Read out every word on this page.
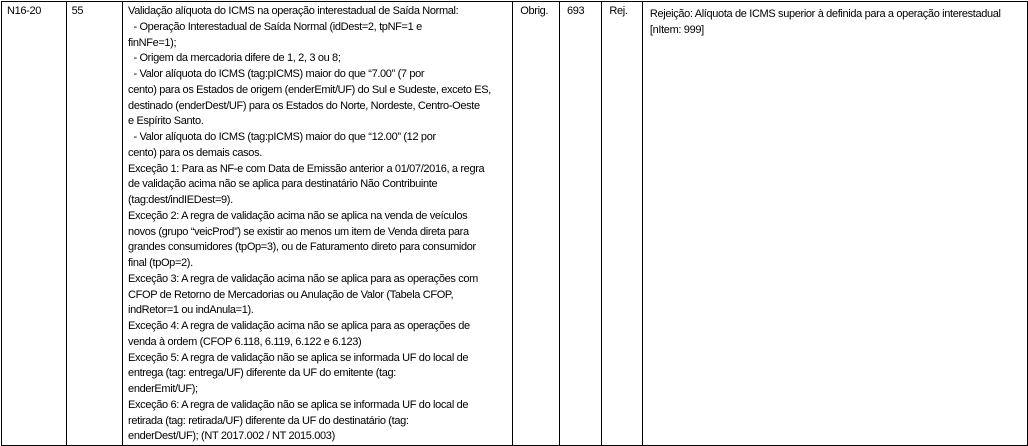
N16-20	55	Validação alíquota do ICMS na operação interestadual de Saída Normal:
- Operação Interestadual de Saída Normal (idDest=2, tpNF=1 e
finNFe=1);
- Origem da mercadoria difere de 1, 2, 3 ou 8;
- Valor alíquota do ICMS (tag:pICMS) maior do que “7.00” (7 por
cento) para os Estados de origem (enderEmit/UF) do Sul e Sudeste, exceto ES,
destinado (enderDest/UF) para os Estados do Norte, Nordeste, Centro-Oeste
e Espírito Santo.
- Valor alíquota do ICMS (tag:pICMS) maior do que “12.00” (12 por
cento) para os demais casos.
Exceção 1: Para as NF-e com Data de Emissão anterior a 01/07/2016, a regra
de validação acima não se aplica para destinatário Não Contribuinte
(tag:dest/indIEDest=9).
Exceção 2: A regra de validação acima não se aplica na venda de veículos
novos (grupo “veicProd”) se existir ao menos um item de Venda direta para
grandes consumidores (tpOp=3), ou de Faturamento direto para consumidor
final (tpOp=2).
Exceção 3: A regra de validação acima não se aplica para as operações com
CFOP de Retorno de Mercadorias ou Anulação de Valor (Tabela CFOP,
indRetor=1 ou indAnula=1).
Exceção 4: A regra de validação acima não se aplica para as operações de
venda à ordem (CFOP 6.118, 6.119, 6.122 e 6.123)
Exceção 5: A regra de validação não se aplica se informada UF do local de
entrega (tag: entrega/UF) diferente da UF do emitente (tag:
enderEmit/UF);
Exceção 6: A regra de validação não se aplica se informada UF do local de
retirada (tag: retirada/UF) diferente da UF do destinatário (tag:
enderDest/UF); (NT 2017.002 / NT 2015.003)
	Obrig.	693	Rej.	Rejeição: Alíquota de ICMS superior à definida para a operação interestadual
[nItem: 999]
